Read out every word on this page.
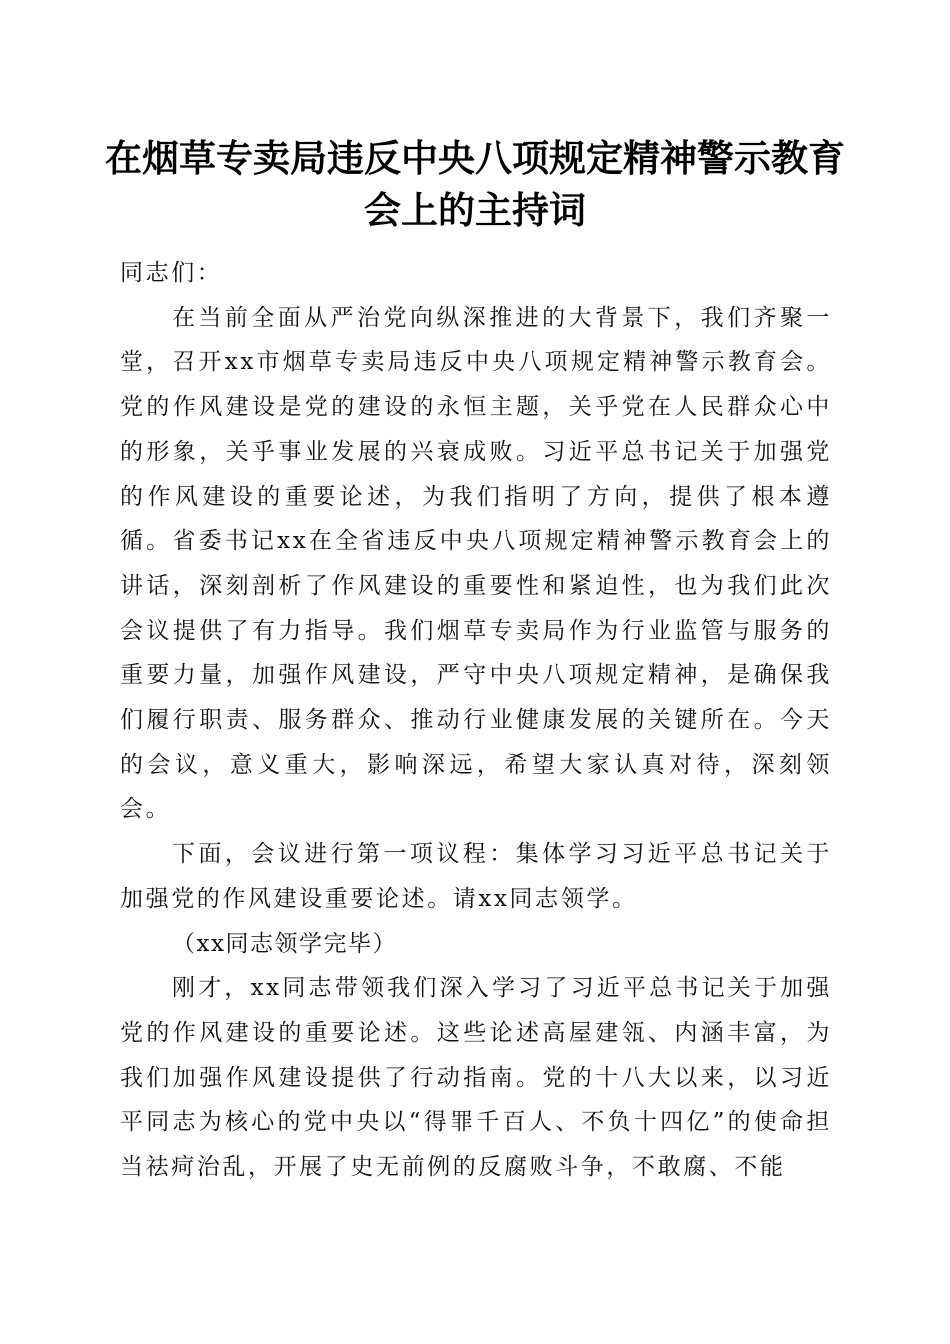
在烟草专卖局违反中央八项规定精神警示教育
会上的主持词

同志们：

在当前全面从严治党向纵深推进的大背景下，我们齐聚一堂，召开xx市烟草专卖局违反中央八项规定精神警示教育会。党的作风建设是党的建设的永恒主题，关乎党在人民群众心中的形象，关乎事业发展的兴衰成败。习近平总书记关于加强党的作风建设的重要论述，为我们指明了方向，提供了根本遵循。省委书记xx在全省违反中央八项规定精神警示教育会上的讲话，深刻剖析了作风建设的重要性和紧迫性，也为我们此次会议提供了有力指导。我们烟草专卖局作为行业监管与服务的重要力量，加强作风建设，严守中央八项规定精神，是确保我们履行职责、服务群众、推动行业健康发展的关键所在。今天的会议，意义重大，影响深远，希望大家认真对待，深刻领会。

下面，会议进行第一项议程：集体学习习近平总书记关于加强党的作风建设重要论述。请xx同志领学。

（xx同志领学完毕）

刚才，xx同志带领我们深入学习了习近平总书记关于加强党的作风建设的重要论述。这些论述高屋建瓴、内涵丰富，为我们加强作风建设提供了行动指南。党的十八大以来，以习近平同志为核心的党中央以“得罪千百人、不负十四亿”的使命担当祛疴治乱，开展了史无前例的反腐败斗争，不敢腐、不能
